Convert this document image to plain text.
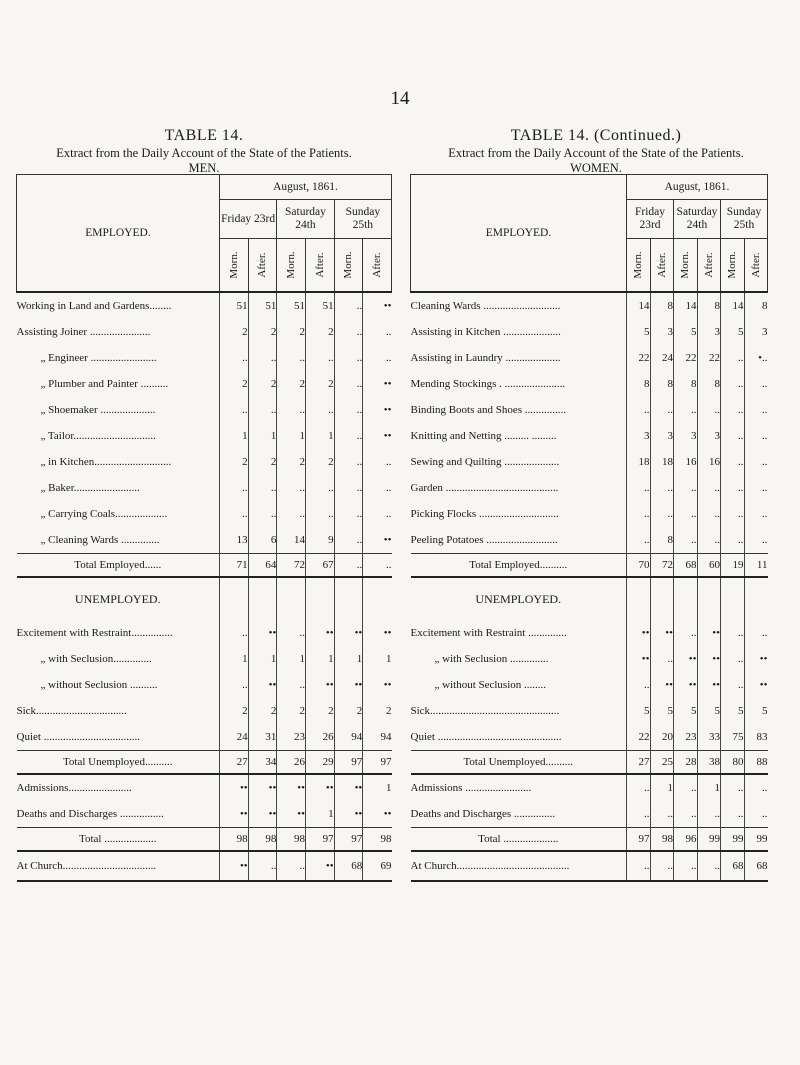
14
TABLE 14.
Extract from the Daily Account of the State of the Patients.
MEN.
EMPLOYED.	August, 1861.					
	Friday 23rd		Saturday 24th		Sunday 25th	

	Morn.	After.	Morn.	After.	Morn.	After.

Working in Land and Gardens........	51	51	51	51	..	••
Assisting Joiner ......................	2	2	2	2	..	..
„ Engineer ........................	..	..	..	..	..	..
„ Plumber and Painter ..........	2	2	2	2	..	••
„ Shoemaker ....................	..	..	..	..	..	••
„ Tailor..............................	1	1	1	1	..	••
„ in Kitchen............................	2	2	2	2	..	..
„ Baker........................	..	..	..	..	..	..
„ Carrying Coals...................	..	..	..	..	..	..
„ Cleaning Wards ..............	13	6	14	9	..	••
Total Employed......	71	64	72	67	..	..
UNEMPLOYED.						
Excitement with Restraint...............	..	••	..	••	••	••
„ with Seclusion..............	1	1	1	1	1	1
„ without Seclusion ..........	..	••	..	••	••	••
Sick.................................	2	2	2	2	2	2
Quiet ...................................	24	31	23	26	94	94
Total Unemployed..........	27	34	26	29	97	97
Admissions.......................	••	••	••	••	••	1
Deaths and Discharges ................	••	••	••	1	••	••
Total ...................	98	98	98	97	97	98
At Church..................................	••	..	..	••	68	69
TABLE 14. (Continued.)
Extract from the Daily Account of the State of the Patients.
WOMEN.
EMPLOYED.	August, 1861.					
	Friday 23rd		Saturday 24th		Sunday 25th	

	Morn.	After.	Morn.	After.	Morn.	After.

Cleaning Wards ............................	14	8	14	8	14	8
Assisting in Kitchen .....................	5	3	5	3	5	3
Assisting in Laundry ....................	22	24	22	22	..	•..
Mending Stockings . ......................	8	8	8	8	..	..
Binding Boots and Shoes ...............	..	..	..	..	..	..
Knitting and Netting ......... .........	3	3	3	3	..	..
Sewing and Quilting ....................	18	18	16	16	..	..
Garden .........................................	..	..	..	..	..	..
Picking Flocks .............................	..	..	..	..	..	..
Peeling Potatoes ..........................	..	8	..	..	..	..
Total Employed..........	70	72	68	60	19	11
UNEMPLOYED.						
Excitement with Restraint ..............	••	••	..	••	..	..
„ with Seclusion ..............	••	..	••	••	..	••
„ without Seclusion ........	..	••	••	••	..	••
Sick...............................................	5	5	5	5	5	5
Quiet .............................................	22	20	23	33	75	83
Total Unemployed..........	27	25	28	38	80	88
Admissions ........................	..	1	..	1	..	..
Deaths and Discharges ...............	..	..	..	..	..	..
Total ....................	97	98	96	99	99	99
At Church.........................................	..	..	..	..	68	68
